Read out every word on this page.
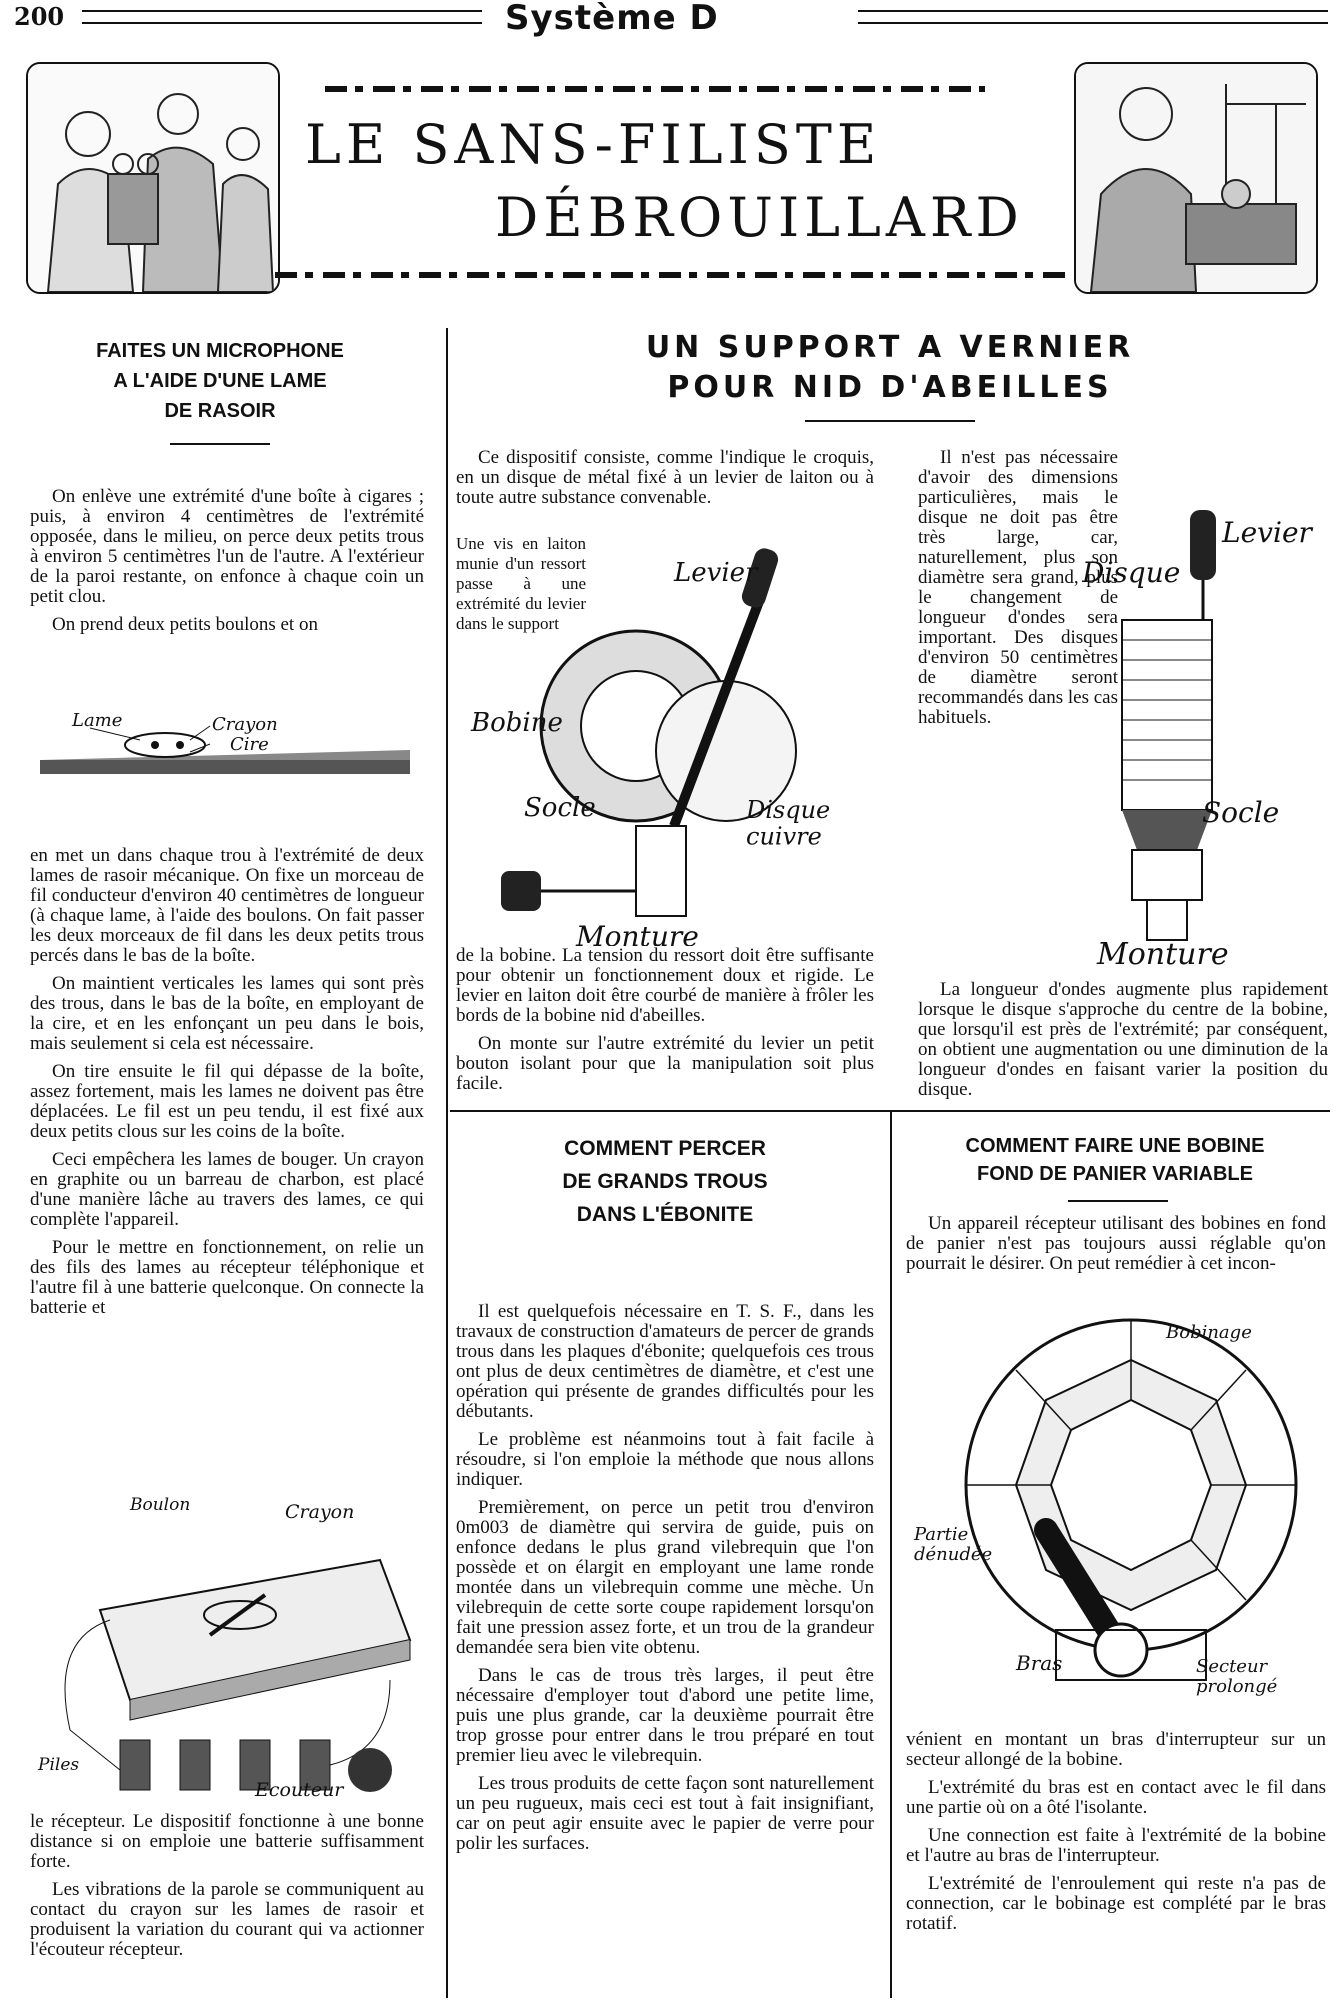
200	Système D
LE SANS-FILISTE
DÉBROUILLARD
FAITES UN MICROPHONE
A L'AIDE D'UNE LAME
DE RASOIR

On enlève une extrémité d'une boîte à cigares ; puis, à environ 4 centimètres de l'extrémité opposée, dans le milieu, on perce deux petits trous à environ 5 centimètres l'un de l'autre. A l'extérieur de la paroi restante, on enfonce à chaque coin un petit clou.

On prend deux petits boulons et on

Lame	Crayon
Cire

en met un dans chaque trou à l'extrémité de deux lames de rasoir mécanique. On fixe un morceau de fil conducteur d'environ 40 centimètres de longueur (à chaque lame, à l'aide des boulons. On fait passer les deux morceaux de fil dans les deux petits trous percés dans le bas de la boîte.

On maintient verticales les lames qui sont près des trous, dans le bas de la boîte, en employant de la cire, et en les enfonçant un peu dans le bois, mais seulement si cela est nécessaire.

On tire ensuite le fil qui dépasse de la boîte, assez fortement, mais les lames ne doivent pas être déplacées. Le fil est un peu tendu, il est fixé aux deux petits clous sur les coins de la boîte.

Ceci empêchera les lames de bouger. Un crayon en graphite ou un barreau de charbon, est placé d'une manière lâche au travers des lames, ce qui complète l'appareil.

Pour le mettre en fonctionnement, on relie un des fils des lames au récepteur téléphonique et l'autre fil à une batterie quelconque. On connecte la batterie et

Boulon	Crayon
Piles
Ecouteur

le récepteur. Le dispositif fonctionne à une bonne distance si on emploie une batterie suffisamment forte.

Les vibrations de la parole se communiquent au contact du crayon sur les lames de rasoir et produisent la variation du courant qui va actionner l'écouteur récepteur.

UN SUPPORT A VERNIER
POUR NID D'ABEILLES

Ce dispositif consiste, comme l'indique le croquis, en un disque de métal fixé à un levier de laiton ou à toute autre substance convenable.

Une vis en laiton munie d'un ressort passe à une extrémité du levier dans le support

Levier
Bobine
Socle	Disque cuivre
Monture

de la bobine. La tension du ressort doit être suffisante pour obtenir un fonctionnement doux et rigide. Le levier en laiton doit être courbé de manière à frôler les bords de la bobine nid d'abeilles.

On monte sur l'autre extrémité du levier un petit bouton isolant pour que la manipulation soit plus facile.

Il n'est pas nécessaire d'avoir des dimensions particulières, mais le disque ne doit pas être très large, car, naturellement, plus son diamètre sera grand, plus le changement de longueur d'ondes sera important. Des disques d'environ 50 centimètres de diamètre seront recommandés dans les cas habituels.

Levier
Disque
Socle
Monture

La longueur d'ondes augmente plus rapidement lorsque le disque s'approche du centre de la bobine, que lorsqu'il est près de l'extrémité; par conséquent, on obtient une augmentation ou une diminution de la longueur d'ondes en faisant varier la position du disque.

COMMENT PERCER
DE GRANDS TROUS
DANS L'ÉBONITE

Il est quelquefois nécessaire en T. S. F., dans les travaux de construction d'amateurs de percer de grands trous dans les plaques d'ébonite; quelquefois ces trous ont plus de deux centimètres de diamètre, et c'est une opération qui présente de grandes difficultés pour les débutants.

Le problème est néanmoins tout à fait facile à résoudre, si l'on emploie la méthode que nous allons indiquer.

Premièrement, on perce un petit trou d'environ 0m003 de diamètre qui servira de guide, puis on enfonce dedans le plus grand vilebrequin que l'on possède et on élargit en employant une lame ronde montée dans un vilebrequin comme une mèche. Un vilebrequin de cette sorte coupe rapidement lorsqu'on fait une pression assez forte, et un trou de la grandeur demandée sera bien vite obtenu.

Dans le cas de trous très larges, il peut être nécessaire d'employer tout d'abord une petite lime, puis une plus grande, car la deuxième pourrait être trop grosse pour entrer dans le trou préparé en tout premier lieu avec le vilebrequin.

Les trous produits de cette façon sont naturellement un peu rugueux, mais ceci est tout à fait insignifiant, car on peut agir ensuite avec le papier de verre pour polir les surfaces.

COMMENT FAIRE UNE BOBINE
FOND DE PANIER VARIABLE

Un appareil récepteur utilisant des bobines en fond de panier n'est pas toujours aussi réglable qu'on pourrait le désirer. On peut remédier à cet incon-

Bobinage
Partie dénudée
Bras	Secteur prolongé

vénient en montant un bras d'interrupteur sur un secteur allongé de la bobine.

L'extrémité du bras est en contact avec le fil dans une partie où on a ôté l'isolante.

Une connection est faite à l'extrémité de la bobine et l'autre au bras de l'interrupteur.

L'extrémité de l'enroulement qui reste n'a pas de connection, car le bobinage est complété par le bras rotatif.
